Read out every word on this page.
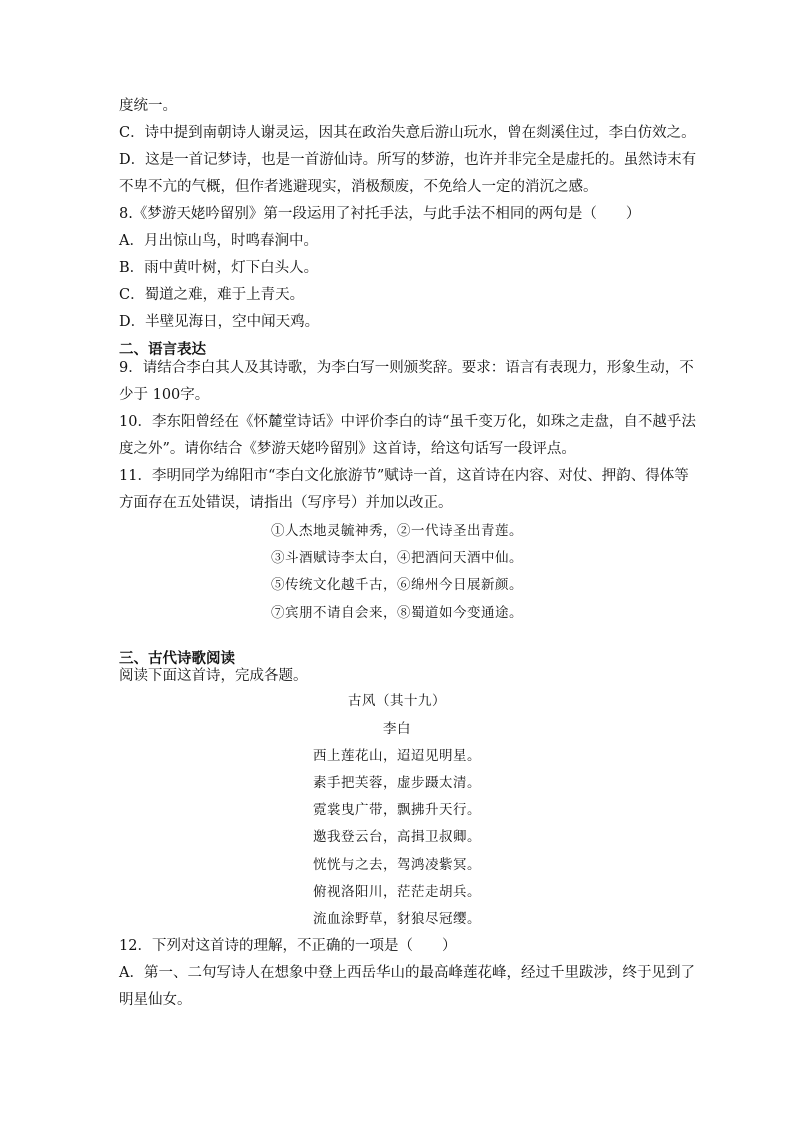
度统一。
C．诗中提到南朝诗人谢灵运，因其在政治失意后游山玩水，曾在剡溪住过，李白仿效之。
D．这是一首记梦诗，也是一首游仙诗。所写的梦游，也许并非完全是虚托的。虽然诗末有
不卑不亢的气概，但作者逃避现实，消极颓废，不免给人一定的消沉之感。
8.《梦游天姥吟留别》第一段运用了衬托手法，与此手法不相同的两句是（　　）
A．月出惊山鸟，时鸣春涧中。
B．雨中黄叶树，灯下白头人。
C．蜀道之难，难于上青天。
D．半壁见海日，空中闻天鸡。
二、语言表达
9．请结合李白其人及其诗歌，为李白写一则颁奖辞。要求：语言有表现力，形象生动，不
少于 100字。
10．李东阳曾经在《怀麓堂诗话》中评价李白的诗“虽千变万化，如珠之走盘，自不越乎法
度之外”。请你结合《梦游天姥吟留别》这首诗，给这句话写一段评点。
11．李明同学为绵阳市“李白文化旅游节”赋诗一首，这首诗在内容、对仗、押韵、得体等
方面存在五处错误，请指出（写序号）并加以改正。
①人杰地灵毓神秀，②一代诗圣出青莲。
③斗酒赋诗李太白，④把酒问天酒中仙。
⑤传统文化越千古，⑥绵州今日展新颜。
⑦宾朋不请自会来，⑧蜀道如今变通途。
三、古代诗歌阅读
阅读下面这首诗，完成各题。
古风（其十九）
李白
西上莲花山，迢迢见明星。
素手把芙蓉，虚步蹑太清。
霓裳曳广带，飘拂升天行。
邀我登云台，高揖卫叔卿。
恍恍与之去，驾鸿凌紫冥。
俯视洛阳川，茫茫走胡兵。
流血涂野草，豺狼尽冠缨。
12．下列对这首诗的理解，不正确的一项是（　　）
A．第一、二句写诗人在想象中登上西岳华山的最高峰莲花峰，经过千里跋涉，终于见到了
明星仙女。
